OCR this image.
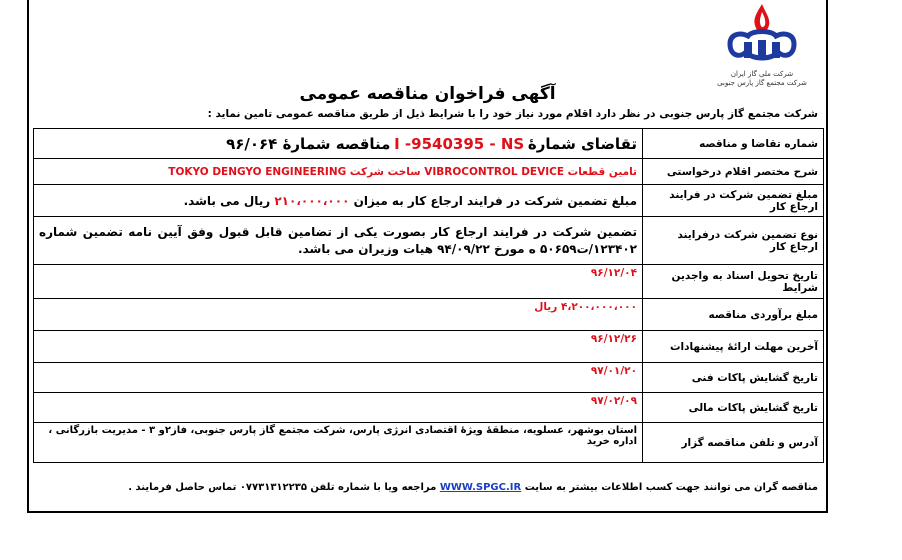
شرکت ملی گاز ایران
شرکت مجتمع گاز پارس جنوبی
آگهی فراخوان مناقصه عمومی
شرکت مجتمع گاز پارس جنوبی در نظر دارد اقلام مورد نیاز خود را با شرایط ذیل از طریق مناقصه عمومی تامین نماید :
شماره تقاضا و مناقصه	تقاضای شمارۀ I -9540395 - NS مناقصه شمارۀ ۹۶/۰۶۴
شرح مختصر اقلام درخواستی	تامین قطعات VIBROCONTROL DEVICE ساخت شرکت TOKYO DENGYO ENGINEERING
مبلغ تضمین شرکت در فرایند ارجاع کار	مبلغ تضمین شرکت در فرایند ارجاع کار به میزان ۲۱۰،۰۰۰،۰۰۰ ریال می باشد.
نوع تضمین شرکت درفرایند ارجاع کار	تضمین شرکت در فرایند ارجاع کار بصورت یکی از تضامین قابل قبول وفق آیین نامه تضمین شماره ۱۲۳۴۰۲/ت۵۰۶۵۹ ه مورخ ۹۴/۰۹/۲۲ هیات وزیران می باشد.
تاریخ تحویل اسناد به واجدین شرایط	۹۶/۱۲/۰۴
مبلغ برآوردی مناقصه	۴،۲۰۰،۰۰۰،۰۰۰ ریال
آخرین مهلت ارائۀ پیشنهادات	۹۶/۱۲/۲۶
تاریخ گشایش پاکات فنی	۹۷/۰۱/۲۰
تاریخ گشایش پاکات مالی	۹۷/۰۲/۰۹
آدرس و تلفن مناقصه گزار	استان بوشهر، عسلویه، منطقۀ ویژۀ اقتصادی انرژی پارس، شرکت مجتمع گاز پارس جنوبی، فاز۲و ۳ - مدیریت بازرگانی ، اداره خرید
مناقصه گران می توانند جهت کسب اطلاعات بیشتر به سایت WWW.SPGC.IR مراجعه ویا با شماره تلفن ۰۷۷۳۱۳۱۲۲۳۵ تماس حاصل فرمایند .
